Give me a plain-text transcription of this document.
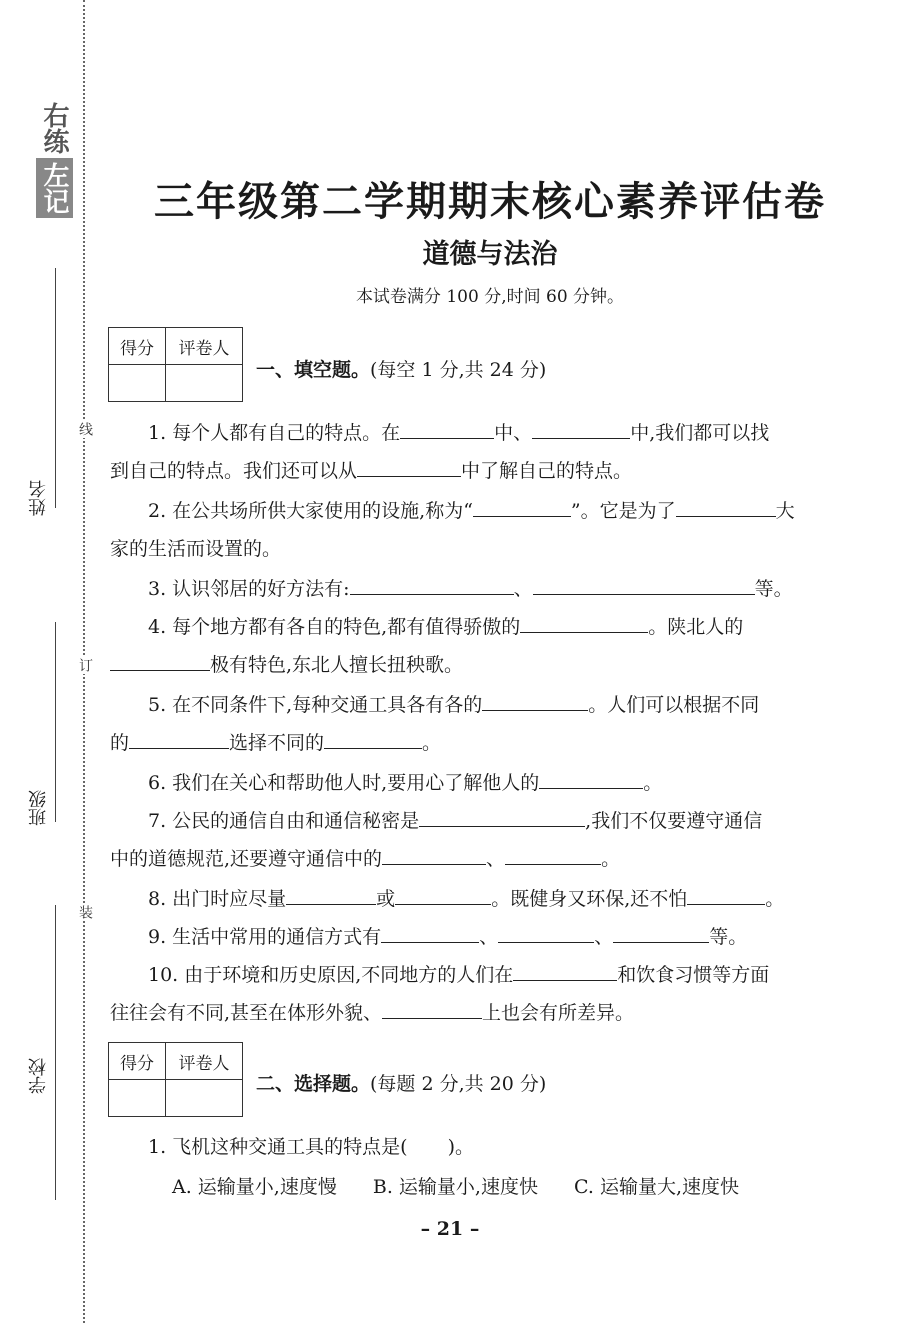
右练
左记
姓名
班级
学校
线
订
装
三年级第二学期期末核心素养评估卷
道德与法治
本试卷满分 100 分,时间 60 分钟。
得分	评卷人

一、填空题。(每空 1 分,共 24 分)
1. 每个人都有自己的特点。在	中、	中,我们都可以找
到自己的特点。我们还可以从	中了解自己的特点。
2. 在公共场所供大家使用的设施,称为“	”。它是为了	大
家的生活而设置的。
3. 认识邻居的好方法有:	、	等。
4. 每个地方都有各自的特色,都有值得骄傲的	。陕北人的
极有特色,东北人擅长扭秧歌。
5. 在不同条件下,每种交通工具各有各的	。人们可以根据不同
的	选择不同的	。
6. 我们在关心和帮助他人时,要用心了解他人的	。
7. 公民的通信自由和通信秘密是	,我们不仅要遵守通信
中的道德规范,还要遵守通信中的	、	。
8. 出门时应尽量	或	。既健身又环保,还不怕	。
9. 生活中常用的通信方式有	、	、	等。
10. 由于环境和历史原因,不同地方的人们在	和饮食习惯等方面
往往会有不同,甚至在体形外貌、	上也会有所差异。
得分	评卷人

二、选择题。(每题 2 分,共 20 分)
1. 飞机这种交通工具的特点是( )。
A. 运输量小,速度慢 B. 运输量小,速度快 C. 运输量大,速度快
– 21 –
